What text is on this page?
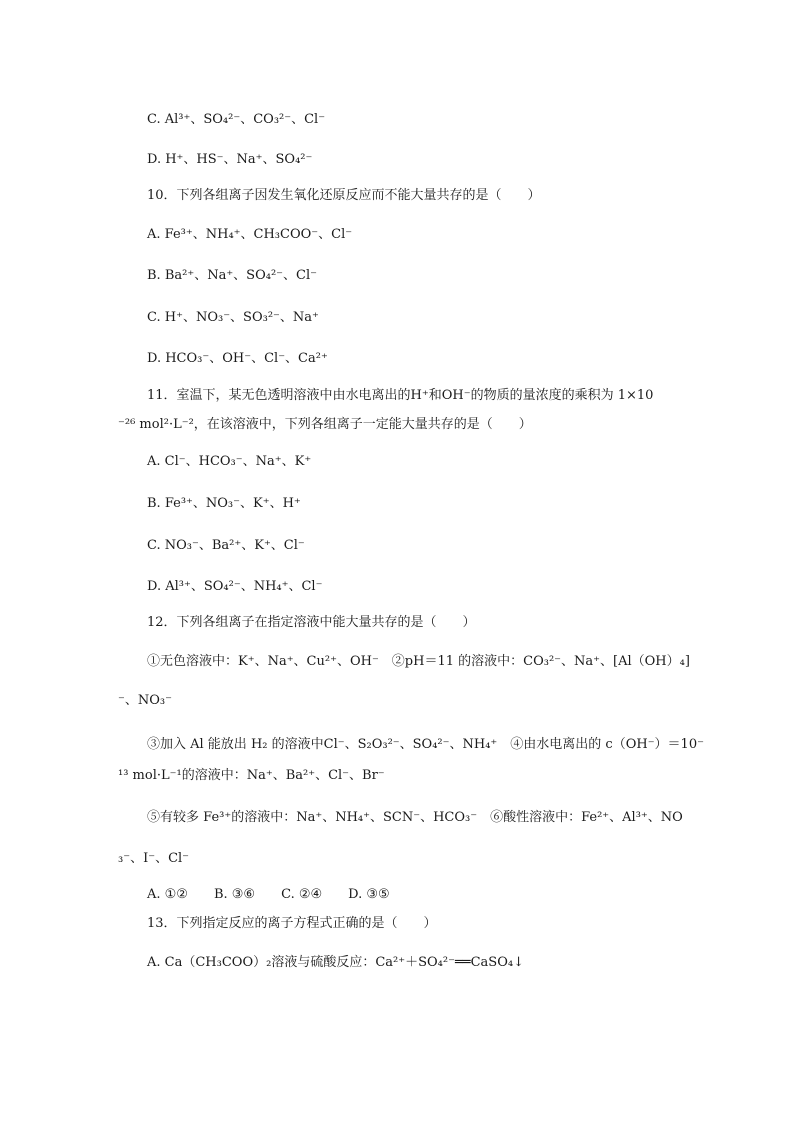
C. Al³⁺、SO₄²⁻、CO₃²⁻、Cl⁻
D. H⁺、HS⁻、Na⁺、SO₄²⁻
10．下列各组离子因发生氧化还原反应而不能大量共存的是（　　）
A. Fe³⁺、NH₄⁺、CH₃COO⁻、Cl⁻
B. Ba²⁺、Na⁺、SO₄²⁻、Cl⁻
C. H⁺、NO₃⁻、SO₃²⁻、Na⁺
D. HCO₃⁻、OH⁻、Cl⁻、Ca²⁺
11．室温下，某无色透明溶液中由水电离出的H⁺和OH⁻的物质的量浓度的乘积为 1×10
⁻²⁶ mol²·L⁻²，在该溶液中，下列各组离子一定能大量共存的是（　　）
A. Cl⁻、HCO₃⁻、Na⁺、K⁺
B. Fe³⁺、NO₃⁻、K⁺、H⁺
C. NO₃⁻、Ba²⁺、K⁺、Cl⁻
D. Al³⁺、SO₄²⁻、NH₄⁺、Cl⁻
12．下列各组离子在指定溶液中能大量共存的是（　　）
①无色溶液中：K⁺、Na⁺、Cu²⁺、OH⁻　②pH＝11 的溶液中：CO₃²⁻、Na⁺、[Al（OH）₄]
⁻、NO₃⁻
③加入 Al 能放出 H₂ 的溶液中Cl⁻、S₂O₃²⁻、SO₄²⁻、NH₄⁺　④由水电离出的 c（OH⁻）＝10⁻
¹³ mol·L⁻¹的溶液中：Na⁺、Ba²⁺、Cl⁻、Br⁻
⑤有较多 Fe³⁺的溶液中：Na⁺、NH₄⁺、SCN⁻、HCO₃⁻　⑥酸性溶液中：Fe²⁺、Al³⁺、NO
₃⁻、I⁻、Cl⁻
A. ①②　　B. ③⑥　　C. ②④　　D. ③⑤
13．下列指定反应的离子方程式正确的是（　　）
A. Ca（CH₃COO）₂溶液与硫酸反应：Ca²⁺＋SO₄²⁻══CaSO₄↓
